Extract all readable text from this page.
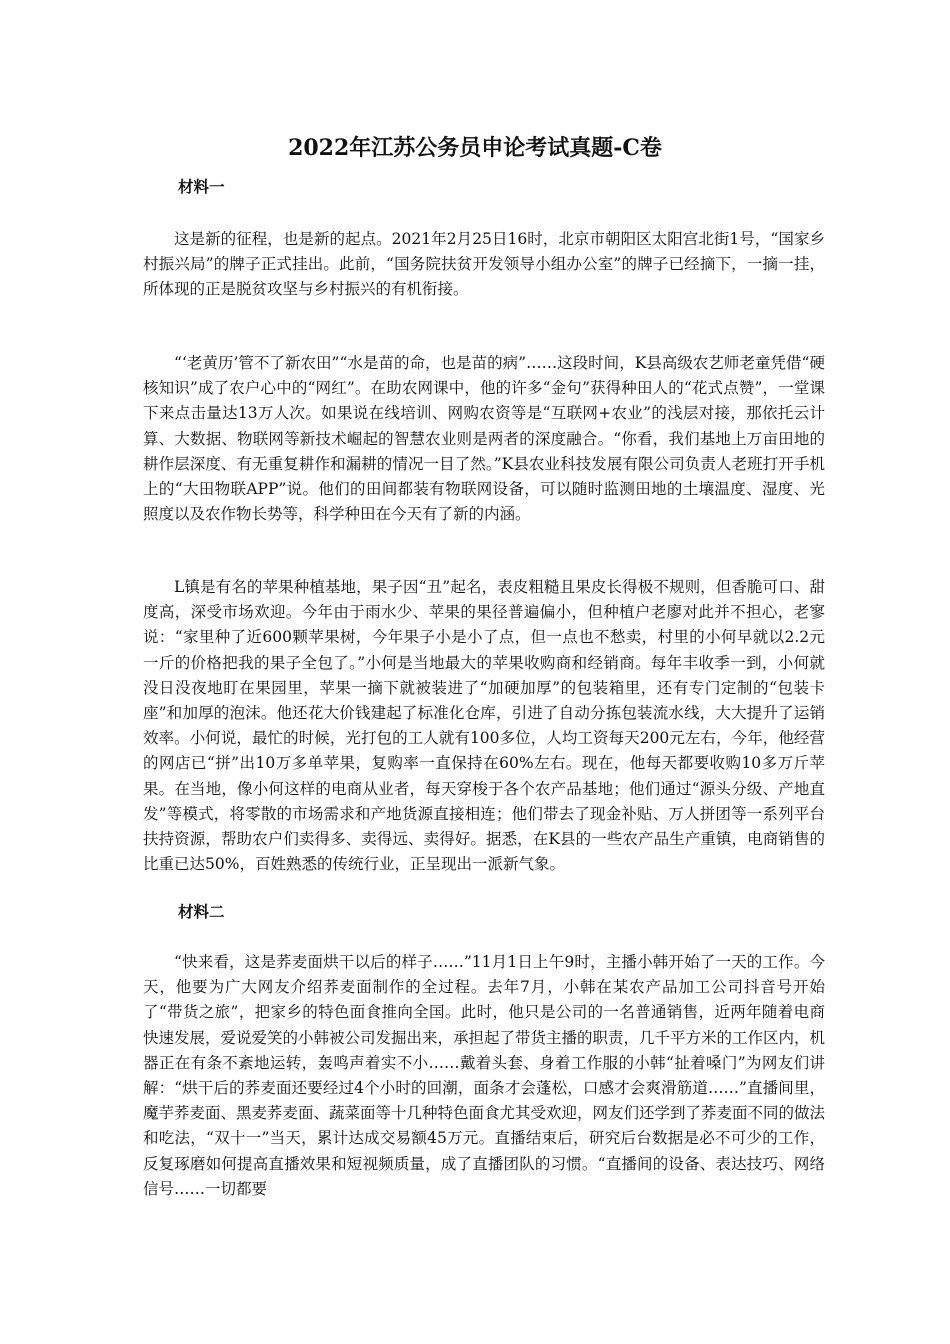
2022年江苏公务员申论考试真题-C卷
材料一

这是新的征程，也是新的起点。2021年2月25日16时，北京市朝阳区太阳宫北街1号，“国家乡村振兴局”的牌子正式挂出。此前，“国务院扶贫开发领导小组办公室”的牌子已经摘下，一摘一挂，所体现的正是脱贫攻坚与乡村振兴的有机衔接。

“‘老黄历’管不了新农田”“水是苗的命，也是苗的病”……这段时间，K县高级农艺师老童凭借“硬核知识”成了农户心中的“网红”。在助农网课中，他的许多“金句”获得种田人的“花式点赞”，一堂课下来点击量达13万人次。如果说在线培训、网购农资等是“互联网+农业”的浅层对接，那依托云计算、大数据、物联网等新技术崛起的智慧农业则是两者的深度融合。“你看，我们基地上万亩田地的耕作层深度、有无重复耕作和漏耕的情况一目了然。”K县农业科技发展有限公司负责人老班打开手机上的“大田物联APP”说。他们的田间都装有物联网设备，可以随时监测田地的土壤温度、湿度、光照度以及农作物长势等，科学种田在今天有了新的内涵。

L镇是有名的苹果种植基地，果子因“丑”起名，表皮粗糙且果皮长得极不规则，但香脆可口、甜度高，深受市场欢迎。今年由于雨水少、苹果的果径普遍偏小，但种植户老廖对此并不担心，老寥说：“家里种了近600颗苹果树，今年果子小是小了点，但一点也不愁卖，村里的小何早就以2.2元一斤的价格把我的果子全包了。”小何是当地最大的苹果收购商和经销商。每年丰收季一到，小何就没日没夜地盯在果园里，苹果一摘下就被装进了“加硬加厚”的包装箱里，还有专门定制的“包装卡座”和加厚的泡沫。他还花大价钱建起了标准化仓库，引进了自动分拣包装流水线，大大提升了运销效率。小何说，最忙的时候，光打包的工人就有100多位，人均工资每天200元左右，今年，他经营的网店已“拼”出10万多单苹果，复购率一直保持在60%左右。现在，他每天都要收购10多万斤苹果。在当地，像小何这样的电商从业者，每天穿梭于各个农产品基地；他们通过“源头分级、产地直发”等模式，将零散的市场需求和产地货源直接相连；他们带去了现金补贴、万人拼团等一系列平台扶持资源，帮助农户们卖得多、卖得远、卖得好。据悉，在K县的一些农产品生产重镇，电商销售的比重已达50%，百姓熟悉的传统行业，正呈现出一派新气象。

材料二

“快来看，这是荞麦面烘干以后的样子……”11月1日上午9时，主播小韩开始了一天的工作。今天，他要为广大网友介绍荞麦面制作的全过程。去年7月，小韩在某农产品加工公司抖音号开始了“带货之旅”，把家乡的特色面食推向全国。此时，他只是公司的一名普通销售，近两年随着电商快速发展，爱说爱笑的小韩被公司发掘出来，承担起了带货主播的职责，几千平方米的工作区内，机器正在有条不紊地运转，轰鸣声着实不小……戴着头套、身着工作服的小韩“扯着嗓门”为网友们讲解：“烘干后的荞麦面还要经过4个小时的回潮，面条才会蓬松，口感才会爽滑筋道……”直播间里，魔芋荞麦面、黑麦荞麦面、蔬菜面等十几种特色面食尤其受欢迎，网友们还学到了荞麦面不同的做法和吃法，“双十一”当天，累计达成交易额45万元。直播结束后，研究后台数据是必不可少的工作，反复琢磨如何提高直播效果和短视频质量，成了直播团队的习惯。“直播间的设备、表达技巧、网络信号……一切都要
